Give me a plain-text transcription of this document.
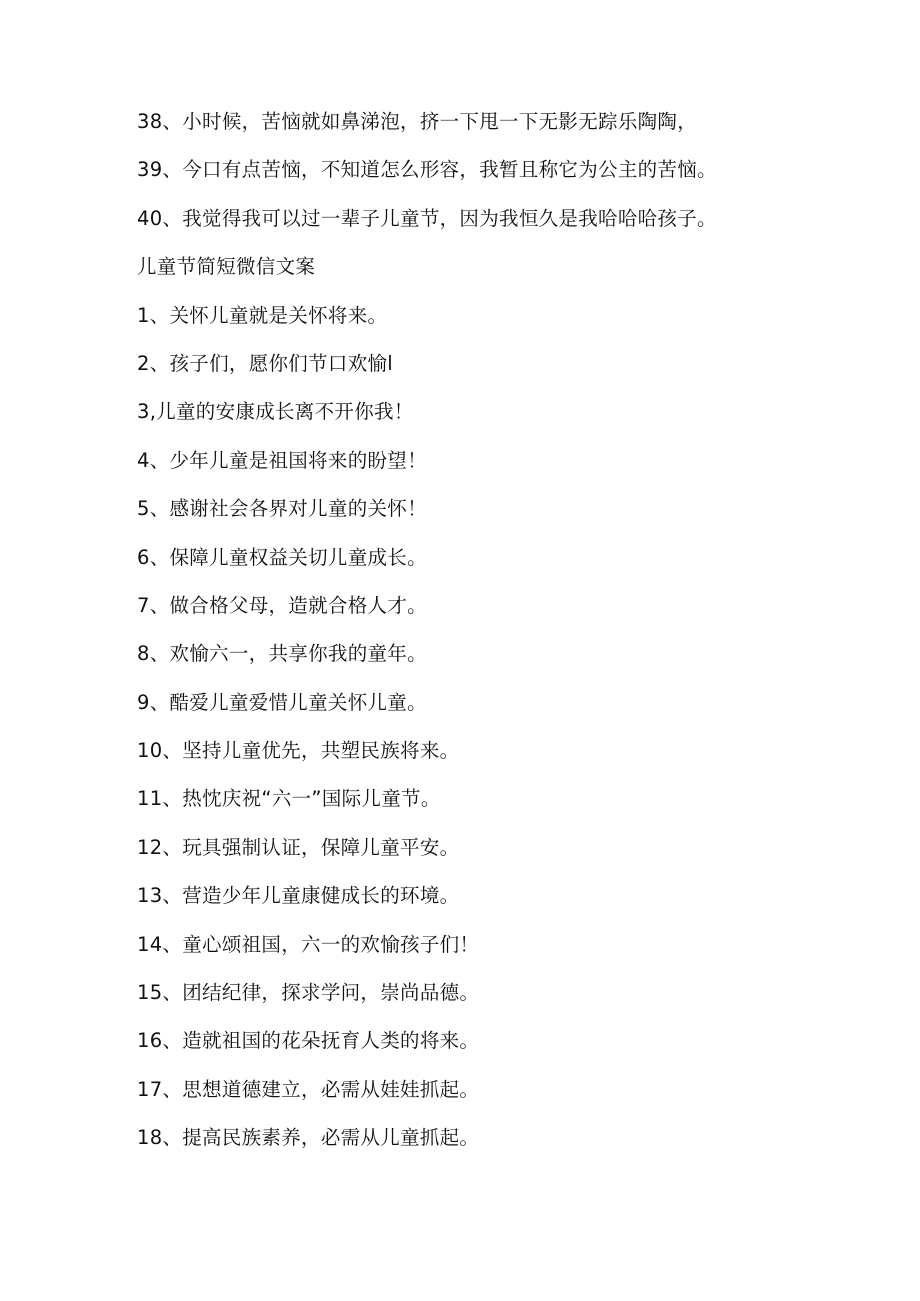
38、小时候，苦恼就如鼻涕泡，挤一下甩一下无影无踪乐陶陶，
39、今口有点苦恼，不知道怎么形容，我暂且称它为公主的苦恼。
40、我觉得我可以过一辈子儿童节，因为我恒久是我哈哈哈孩子。
儿童节简短微信文案
1、关怀儿童就是关怀将来。
2、孩子们，愿你们节口欢愉l
3,儿童的安康成长离不开你我！
4、少年儿童是祖国将来的盼望！
5、感谢社会各界对儿童的关怀！
6、保障儿童权益关切儿童成长。
7、做合格父母，造就合格人才。
8、欢愉六一，共享你我的童年。
9、酷爱儿童爱惜儿童关怀儿童。
10、坚持儿童优先，共塑民族将来。
11、热忱庆祝“六一”国际儿童节。
12、玩具强制认证，保障儿童平安。
13、营造少年儿童康健成长的环境。
14、童心颂祖国，六一的欢愉孩子们！
15、团结纪律，探求学问，崇尚品德。
16、造就祖国的花朵抚育人类的将来。
17、思想道德建立，必需从娃娃抓起。
18、提高民族素养，必需从儿童抓起。
